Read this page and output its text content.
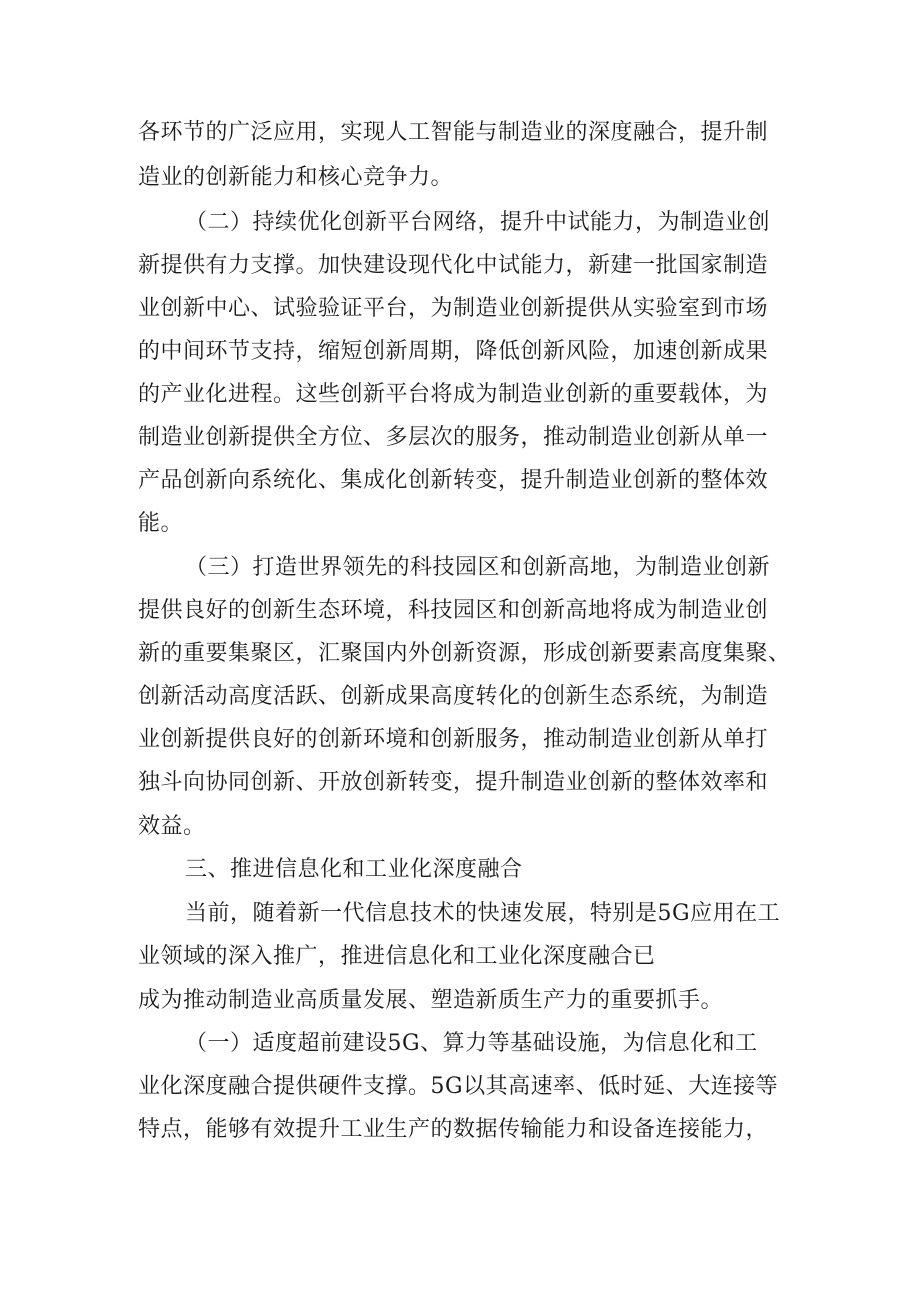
各环节的广泛应用，实现人工智能与制造业的深度融合，提升制
造业的创新能力和核心竞争力。
（二）持续优化创新平台网络，提升中试能力，为制造业创
新提供有力支撑。加快建设现代化中试能力，新建一批国家制造
业创新中心、试验验证平台，为制造业创新提供从实验室到市场
的中间环节支持，缩短创新周期，降低创新风险，加速创新成果
的产业化进程。这些创新平台将成为制造业创新的重要载体，为
制造业创新提供全方位、多层次的服务，推动制造业创新从单一
产品创新向系统化、集成化创新转变，提升制造业创新的整体效
能。
（三）打造世界领先的科技园区和创新高地，为制造业创新
提供良好的创新生态环境，科技园区和创新高地将成为制造业创
新的重要集聚区，汇聚国内外创新资源，形成创新要素高度集聚、
创新活动高度活跃、创新成果高度转化的创新生态系统，为制造
业创新提供良好的创新环境和创新服务，推动制造业创新从单打
独斗向协同创新、开放创新转变，提升制造业创新的整体效率和
效益。
三、推进信息化和工业化深度融合
当前，随着新一代信息技术的快速发展，特别是5G应用在工
业领域的深入推广，推进信息化和工业化深度融合已
成为推动制造业高质量发展、塑造新质生产力的重要抓手。
（一）适度超前建设5G、算力等基础设施，为信息化和工
业化深度融合提供硬件支撑。5G以其高速率、低时延、大连接等
特点，能够有效提升工业生产的数据传输能力和设备连接能力，
